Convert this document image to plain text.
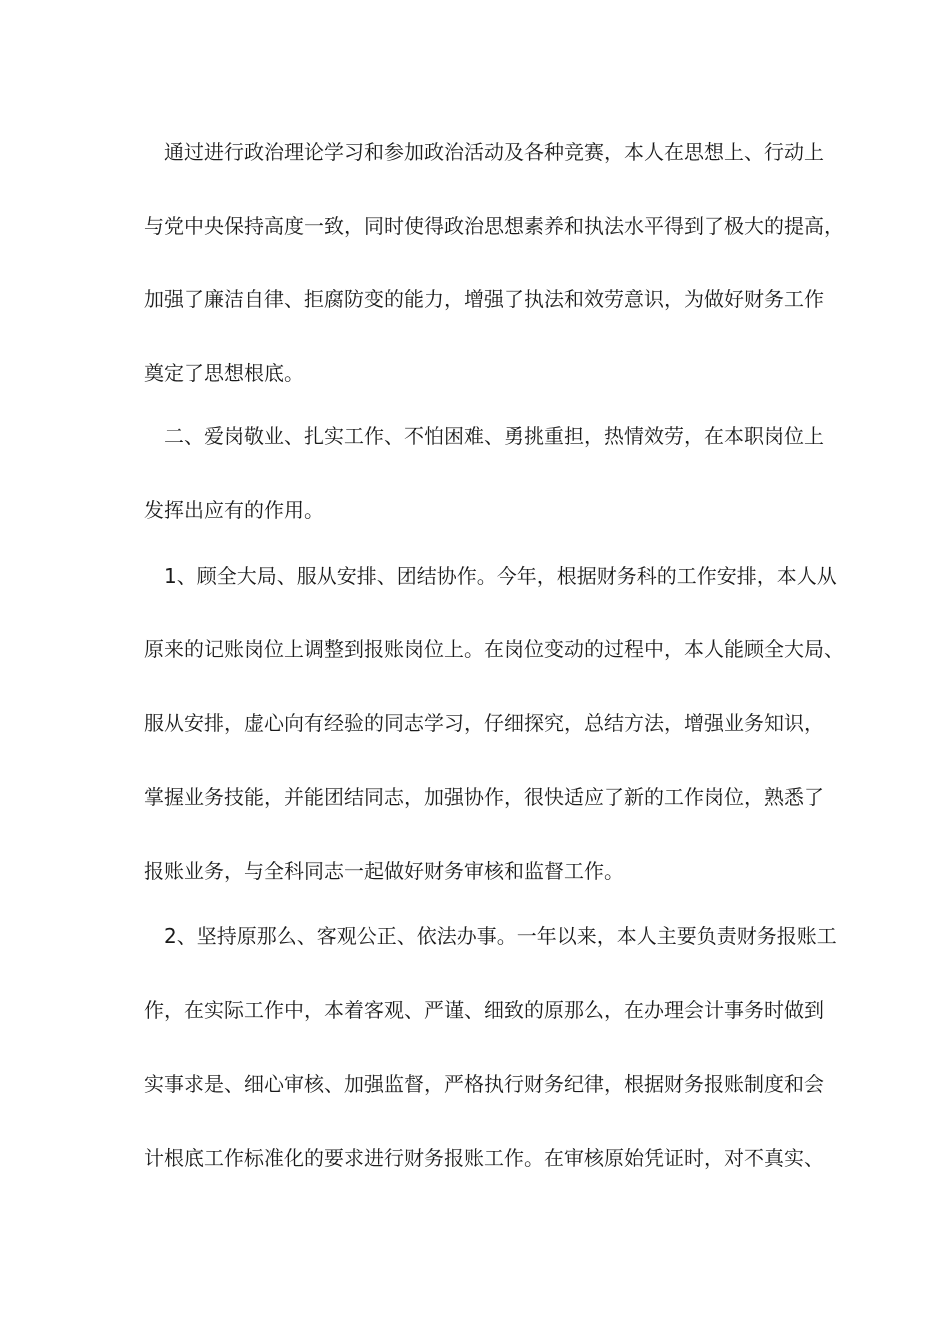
通过进行政治理论学习和参加政治活动及各种竞赛，本人在思想上、行动上
与党中央保持高度一致，同时使得政治思想素养和执法水平得到了极大的提高，
加强了廉洁自律、拒腐防变的能力，增强了执法和效劳意识，为做好财务工作
奠定了思想根底。
二、爱岗敬业、扎实工作、不怕困难、勇挑重担，热情效劳，在本职岗位上
发挥出应有的作用。
1、顾全大局、服从安排、团结协作。今年，根据财务科的工作安排，本人从
原来的记账岗位上调整到报账岗位上。在岗位变动的过程中，本人能顾全大局、
服从安排，虚心向有经验的同志学习，仔细探究，总结方法，增强业务知识，
掌握业务技能，并能团结同志，加强协作，很快适应了新的工作岗位，熟悉了
报账业务，与全科同志一起做好财务审核和监督工作。
2、坚持原那么、客观公正、依法办事。一年以来，本人主要负责财务报账工
作，在实际工作中，本着客观、严谨、细致的原那么，在办理会计事务时做到
实事求是、细心审核、加强监督，严格执行财务纪律，根据财务报账制度和会
计根底工作标准化的要求进行财务报账工作。在审核原始凭证时，对不真实、
